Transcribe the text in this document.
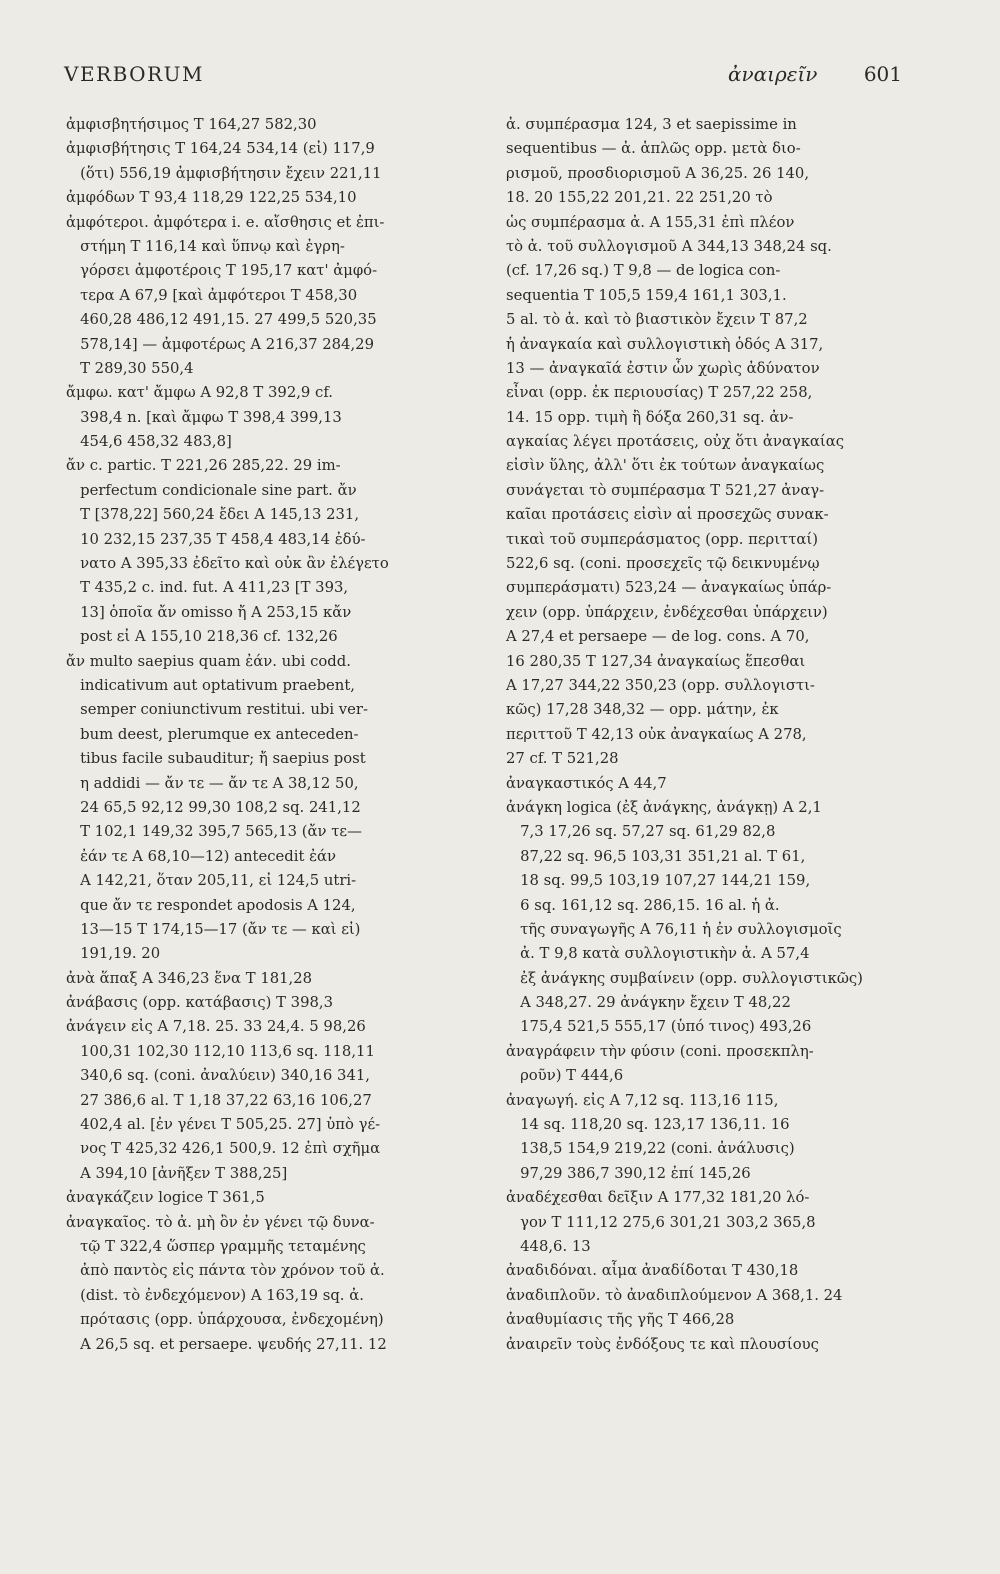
VERBORUM	ἀναιρεῖν 601
ἀμφισβητήσιμος T 164,27 582,30
ἀμφισβήτησις T 164,24 534,14 (εἰ) 117,9
(ὅτι) 556,19 ἀμφισβήτησιν ἔχειν 221,11
ἀμφόδων T 93,4 118,29 122,25 534,10
ἀμφότεροι. ἀμφότερα i. e. αἴσθησις et ἐπι-
στήμη T 116,14 καὶ ὕπνῳ καὶ ἐγρη-
γόρσει ἀμφοτέροις T 195,17 κατ' ἀμφό-
τερα A 67,9 [καὶ ἀμφότεροι T 458,30
460,28 486,12 491,15. 27 499,5 520,35
578,14] — ἀμφοτέρως A 216,37 284,29
T 289,30 550,4
ἄμφω. κατ' ἄμφω A 92,8 T 392,9 cf.
398,4 n. [καὶ ἄμφω T 398,4 399,13
454,6 458,32 483,8]
ἄν c. partic. T 221,26 285,22. 29 im-
perfectum condicionale sine part. ἄν
T [378,22] 560,24 ἔδει A 145,13 231,
10 232,15 237,35 T 458,4 483,14 ἐδύ-
νατο A 395,33 ἐδεῖτο καὶ οὐκ ἂν ἐλέγετο
T 435,2 c. ind. fut. A 411,23 [T 393,
13] ὁποῖα ἄν omisso ἤ A 253,15 κἄν
post εἰ A 155,10 218,36 cf. 132,26
ἄν multo saepius quam ἐάν. ubi codd.
indicativum aut optativum praebent,
semper coniunctivum restitui. ubi ver-
bum deest, plerumque ex anteceden-
tibus facile subauditur; ἤ saepius post
η addidi — ἄν τε — ἄν τε A 38,12 50,
24 65,5 92,12 99,30 108,2 sq. 241,12
T 102,1 149,32 395,7 565,13 (ἄν τε—
ἐάν τε A 68,10—12) antecedit ἐάν
A 142,21, ὅταν 205,11, εἰ 124,5 utri-
que ἄν τε respondet apodosis A 124,
13—15 T 174,15—17 (ἄν τε — καὶ εἰ)
191,19. 20
ἀνὰ ἅπαξ A 346,23 ἕνα T 181,28
ἀνάβασις (opp. κατάβασις) T 398,3
ἀνάγειν εἰς A 7,18. 25. 33 24,4. 5 98,26
100,31 102,30 112,10 113,6 sq. 118,11
340,6 sq. (coni. ἀναλύειν) 340,16 341,
27 386,6 al. T 1,18 37,22 63,16 106,27
402,4 al. [ἐν γένει T 505,25. 27] ὑπὸ γέ-
νος T 425,32 426,1 500,9. 12 ἐπὶ σχῆμα
A 394,10 [ἀνῆξεν T 388,25]
ἀναγκάζειν logice T 361,5
ἀναγκαῖος. τὸ ἀ. μὴ ὂν ἐν γένει τῷ δυνα-
τῷ T 322,4 ὥσπερ γραμμῆς τεταμένης
ἀπὸ παντὸς εἰς πάντα τὸν χρόνον τοῦ ἀ.
(dist. τὸ ἐνδεχόμενον) A 163,19 sq. ἀ.
πρότασις (opp. ὑπάρχουσα, ἐνδεχομένη)
A 26,5 sq. et persaepe. ψευδής 27,11. 12
ἀ. συμπέρασμα 124, 3 et saepissime in
sequentibus — ἀ. ἁπλῶς opp. μετὰ διο-
ρισμοῦ, προσδιορισμοῦ A 36,25. 26 140,
18. 20 155,22 201,21. 22 251,20 τὸ
ὡς συμπέρασμα ἀ. A 155,31 ἐπὶ πλέον
τὸ ἀ. τοῦ συλλογισμοῦ A 344,13 348,24 sq.
(cf. 17,26 sq.) T 9,8 — de logica con-
sequentia T 105,5 159,4 161,1 303,1.
5 al. τὸ ἀ. καὶ τὸ βιαστικὸν ἔχειν T 87,2
ἡ ἀναγκαία καὶ συλλογιστικὴ ὁδός A 317,
13 — ἀναγκαῖά ἐστιν ὧν χωρὶς ἀδύνατον
εἶναι (opp. ἐκ περιουσίας) T 257,22 258,
14. 15 opp. τιμὴ ἢ δόξα 260,31 sq. ἀν-
αγκαίας λέγει προτάσεις, οὐχ ὅτι ἀναγκαίας
εἰσὶν ὕλης, ἀλλ' ὅτι ἐκ τούτων ἀναγκαίως
συνάγεται τὸ συμπέρασμα T 521,27 ἀναγ-
καῖαι προτάσεις εἰσὶν αἱ προσεχῶς συνακ-
τικαὶ τοῦ συμπεράσματος (opp. περιτταί)
522,6 sq. (coni. προσεχεῖς τῷ δεικνυμένῳ
συμπεράσματι) 523,24 — ἀναγκαίως ὑπάρ-
χειν (opp. ὑπάρχειν, ἐνδέχεσθαι ὑπάρχειν)
A 27,4 et persaepe — de log. cons. A 70,
16 280,35 T 127,34 ἀναγκαίως ἕπεσθαι
A 17,27 344,22 350,23 (opp. συλλογιστι-
κῶς) 17,28 348,32 — opp. μάτην, ἐκ
περιττοῦ T 42,13 οὐκ ἀναγκαίως A 278,
27 cf. T 521,28
ἀναγκαστικός A 44,7
ἀνάγκη logica (ἐξ ἀνάγκης, ἀνάγκῃ) A 2,1
7,3 17,26 sq. 57,27 sq. 61,29 82,8
87,22 sq. 96,5 103,31 351,21 al. T 61,
18 sq. 99,5 103,19 107,27 144,21 159,
6 sq. 161,12 sq. 286,15. 16 al. ἡ ἀ.
τῆς συναγωγῆς A 76,11 ἡ ἐν συλλογισμοῖς
ἀ. T 9,8 κατὰ συλλογιστικὴν ἀ. A 57,4
ἐξ ἀνάγκης συμβαίνειν (opp. συλλογιστικῶς)
A 348,27. 29 ἀνάγκην ἔχειν T 48,22
175,4 521,5 555,17 (ὑπό τινος) 493,26
ἀναγράφειν τὴν φύσιν (coni. προσεκπλη-
ροῦν) T 444,6
ἀναγωγή. εἰς A 7,12 sq. 113,16 115,
14 sq. 118,20 sq. 123,17 136,11. 16
138,5 154,9 219,22 (coni. ἀνάλυσις)
97,29 386,7 390,12 ἐπί 145,26
ἀναδέχεσθαι δεῖξιν A 177,32 181,20 λό-
γον T 111,12 275,6 301,21 303,2 365,8
448,6. 13
ἀναδιδόναι. αἷμα ἀναδίδοται T 430,18
ἀναδιπλοῦν. τὸ ἀναδιπλούμενον A 368,1. 24
ἀναθυμίασις τῆς γῆς T 466,28
ἀναιρεῖν τοὺς ἐνδόξους τε καὶ πλουσίους
